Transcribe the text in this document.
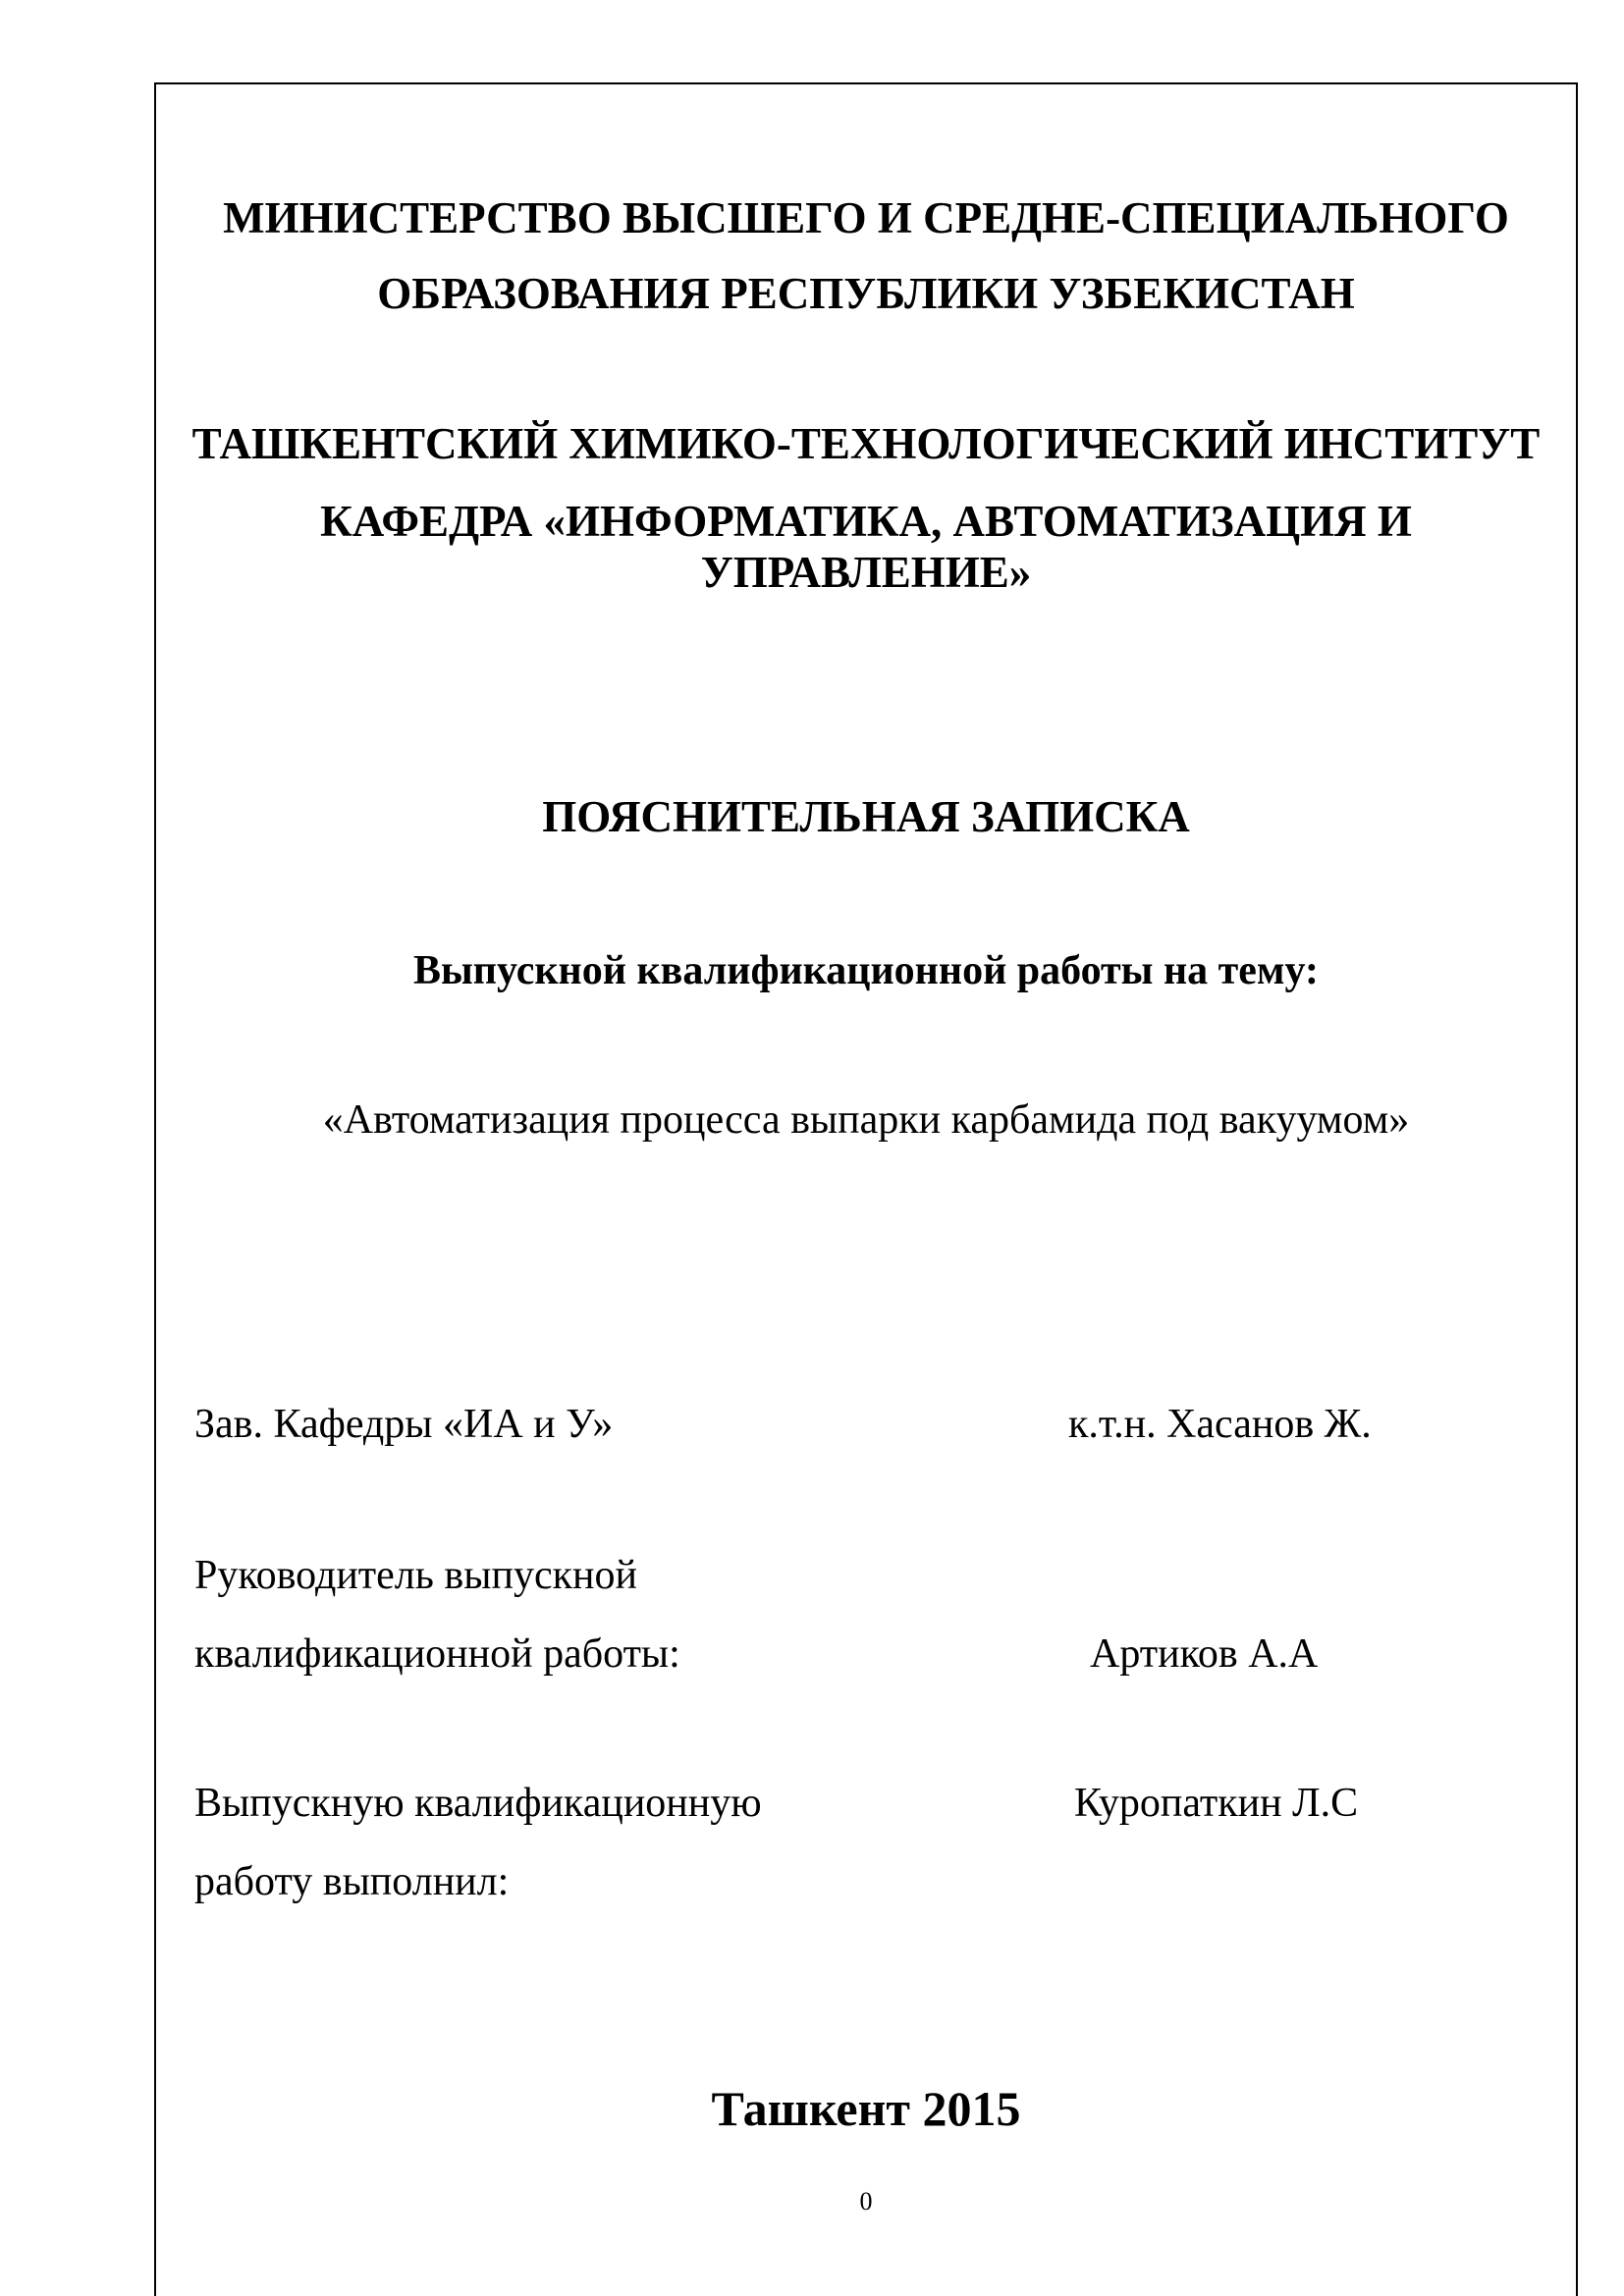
МИНИСТЕРСТВО ВЫСШЕГО И СРЕДНЕ-СПЕЦИАЛЬНОГО
ОБРАЗОВАНИЯ РЕСПУБЛИКИ УЗБЕКИСТАН
ТАШКЕНТСКИЙ ХИМИКО-ТЕХНОЛОГИЧЕСКИЙ ИНСТИТУТ
КАФЕДРА «ИНФОРМАТИКА, АВТОМАТИЗАЦИЯ И
УПРАВЛЕНИЕ»
ПОЯСНИТЕЛЬНАЯ ЗАПИСКА
Выпускной квалификационной работы на тему:
«Автоматизация процесса выпарки карбамида под вакуумом»
Зав. Кафедры «ИА и У»	к.т.н. Хасанов Ж.
Руководитель выпускной
квалификационной работы:	Артиков А.А
Выпускную квалификационную	Куропаткин Л.С
работу выполнил:
Ташкент 2015
0
